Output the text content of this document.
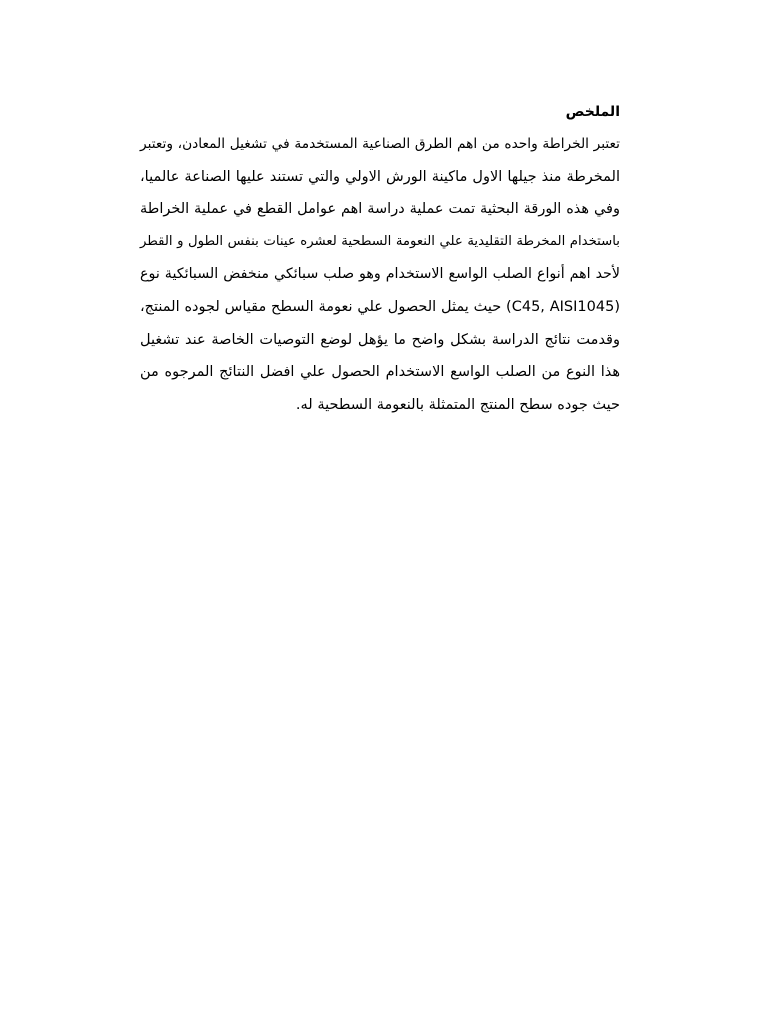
الملخص

تعتبر الخراطة واحده من اهم الطرق الصناعية المستخدمة في تشغيل المعادن، وتعتبر

المخرطة منذ جيلها الاول ماكينة الورش الاولي والتي تستند عليها الصناعة عالميا،

وفي هذه الورقة البحثية تمت عملية دراسة اهم عوامل القطع في عملية الخراطة

باستخدام المخرطة التقليدية علي النعومة السطحية لعشره عينات بنفس الطول و القطر

لأحد اهم أنواع الصلب الواسع الاستخدام وهو صلب سبائكي منخفض السبائكية نوع

(C45, AISI1045) حيث يمثل الحصول علي نعومة السطح مقياس لجوده المنتج،

وقدمت نتائج الدراسة بشكل واضح ما يؤهل لوضع التوصيات الخاصة عند تشغيل

هذا النوع من الصلب الواسع الاستخدام الحصول علي افضل النتائج المرجوه من

حيث جوده سطح المنتج المتمثلة بالنعومة السطحية له.
